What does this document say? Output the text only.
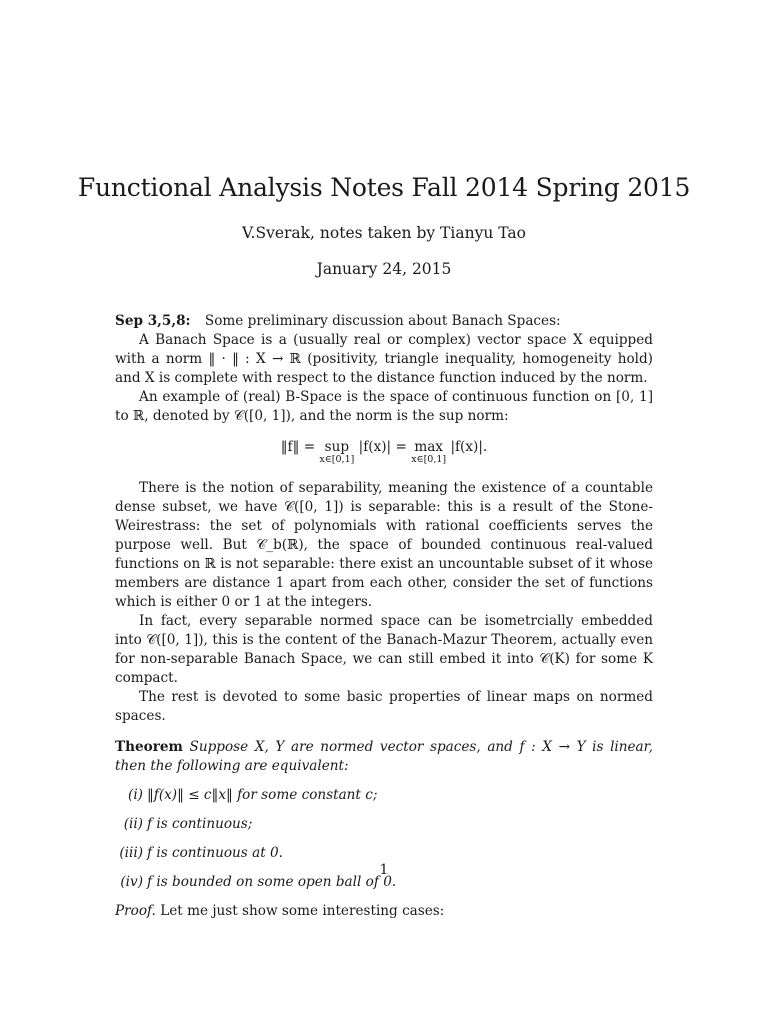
Functional Analysis Notes Fall 2014 Spring 2015
V.Sverak, notes taken by Tianyu Tao
January 24, 2015

Sep 3,5,8: Some preliminary discussion about Banach Spaces:

A Banach Space is a (usually real or complex) vector space X equipped with a norm ‖ · ‖ : X → ℝ (positivity, triangle inequality, homogeneity hold) and X is complete with respect to the distance function induced by the norm.

An example of (real) B-Space is the space of continuous function on [0, 1] to ℝ, denoted by 𝒞([0, 1]), and the norm is the sup norm:

‖f‖ = sup
x∈[0,1]
|f(x)| = max
x∈[0,1]
|f(x)|.

There is the notion of separability, meaning the existence of a countable dense subset, we have 𝒞([0, 1]) is separable: this is a result of the Stone-Weirestrass: the set of polynomials with rational coefficients serves the purpose well. But 𝒞_b(ℝ), the space of bounded continuous real-valued functions on ℝ is not separable: there exist an uncountable subset of it whose members are distance 1 apart from each other, consider the set of functions which is either 0 or 1 at the integers.

In fact, every separable normed space can be isometrcially embedded into 𝒞([0, 1]), this is the content of the Banach-Mazur Theorem, actually even for non-separable Banach Space, we can still embed it into 𝒞(K) for some K compact.

The rest is devoted to some basic properties of linear maps on normed spaces.

Theorem Suppose X, Y are normed vector spaces, and f : X → Y is linear, then the following are equivalent:

(i) ‖f(x)‖ ≤ c‖x‖ for some constant c;
(ii) f is continuous;
(iii) f is continuous at 0.
(iv) f is bounded on some open ball of 0.

Proof. Let me just show some interesting cases:

1
